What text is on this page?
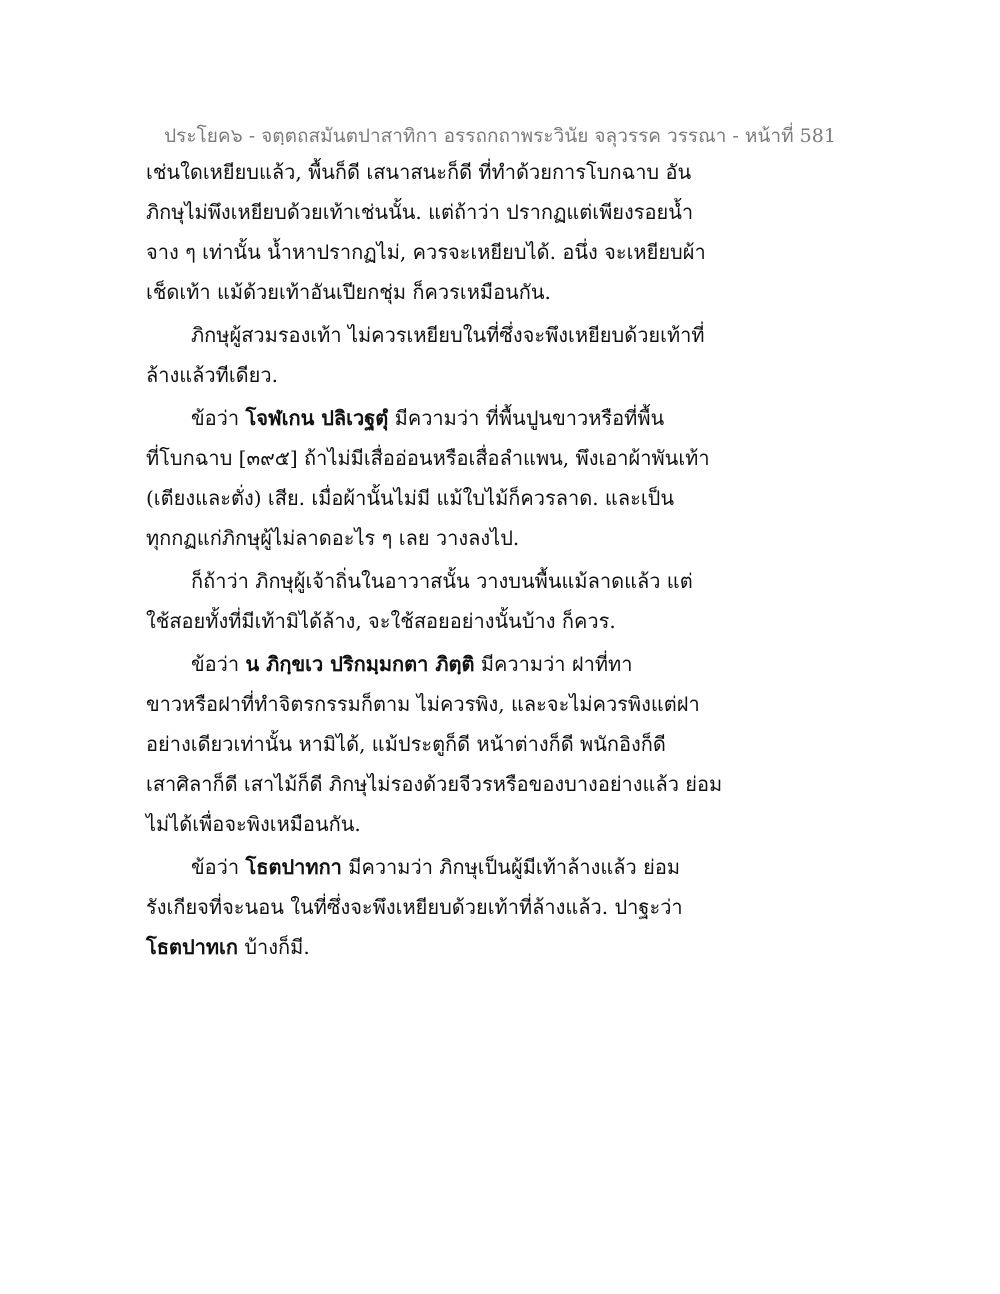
ประโยค๖ - จตฺตถสมันตปาสาทิกา อรรถกถาพระวินัย จลุวรรค วรรณา - หน้าที่ 581
เช่นใดเหยียบแล้ว, พื้นก็ดี เสนาสนะก็ดี ที่ทำด้วยการโบกฉาบ อัน
ภิกษุไม่พึงเหยียบด้วยเท้าเช่นนั้น. แต่ถ้าว่า ปรากฏแต่เพียงรอยน้ำ
จาง ๆ เท่านั้น น้ำหาปรากฏไม่, ควรจะเหยียบได้. อนึ่ง จะเหยียบผ้า
เช็ดเท้า แม้ด้วยเท้าอันเปียกชุ่ม ก็ควรเหมือนกัน.
ภิกษุผู้สวมรองเท้า ไม่ควรเหยียบในที่ซึ่งจะพึงเหยียบด้วยเท้าที่
ล้างแล้วทีเดียว.
ข้อว่า โจฬเกน ปลิเวฐตุํ มีความว่า ที่พื้นปูนขาวหรือที่พื้น
ที่โบกฉาบ [๓๙๕] ถ้าไม่มีเสื่ออ่อนหรือเสื่อลำแพน, พึงเอาผ้าพันเท้า
(เตียงและตั่ง) เสีย. เมื่อผ้านั้นไม่มี แม้ใบไม้ก็ควรลาด. และเป็น
ทุกกฏแก่ภิกษุผู้ไม่ลาดอะไร ๆ เลย วางลงไป.
ก็ถ้าว่า ภิกษุผู้เจ้าถิ่นในอาวาสนั้น วางบนพื้นแม้ลาดแล้ว แต่
ใช้สอยทั้งที่มีเท้ามิได้ล้าง, จะใช้สอยอย่างนั้นบ้าง ก็ควร.
ข้อว่า น ภิกฺขเว ปริกมฺมกตา ภิตฺติ มีความว่า ฝาที่ทา
ขาวหรือฝาที่ทำจิตรกรรมก็ตาม ไม่ควรพิง, และจะไม่ควรพิงแต่ฝา
อย่างเดียวเท่านั้น หามิได้, แม้ประตูก็ดี หน้าต่างก็ดี พนักอิงก็ดี
เสาศิลาก็ดี เสาไม้ก็ดี ภิกษุไม่รองด้วยจีวรหรือของบางอย่างแล้ว ย่อม
ไม่ได้เพื่อจะพิงเหมือนกัน.
ข้อว่า โธตปาทกา มีความว่า ภิกษุเป็นผู้มีเท้าล้างแล้ว ย่อม
รังเกียจที่จะนอน ในที่ซึ่งจะพึงเหยียบด้วยเท้าที่ล้างแล้ว. ปาฐะว่า
โธตปาทเก บ้างก็มี.
